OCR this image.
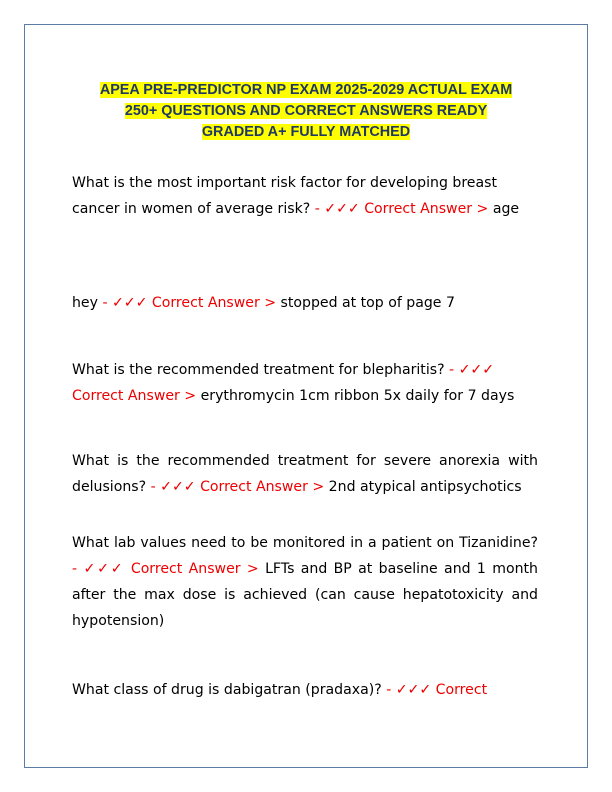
APEA PRE-PREDICTOR NP EXAM 2025-2029 ACTUAL EXAM
250+ QUESTIONS AND CORRECT ANSWERS READY
GRADED A+ FULLY MATCHED
What is the most important risk factor for developing breast cancer in women of average risk? - ✓✓✓ Correct Answer > age
hey - ✓✓✓ Correct Answer > stopped at top of page 7
What is the recommended treatment for blepharitis? - ✓✓✓ Correct Answer > erythromycin 1cm ribbon 5x daily for 7 days
What is the recommended treatment for severe anorexia with delusions? - ✓✓✓ Correct Answer > 2nd atypical antipsychotics
What lab values need to be monitored in a patient on Tizanidine? - ✓✓✓ Correct Answer > LFTs and BP at baseline and 1 month after the max dose is achieved (can cause hepatotoxicity and hypotension)
What class of drug is dabigatran (pradaxa)? - ✓✓✓ Correct
